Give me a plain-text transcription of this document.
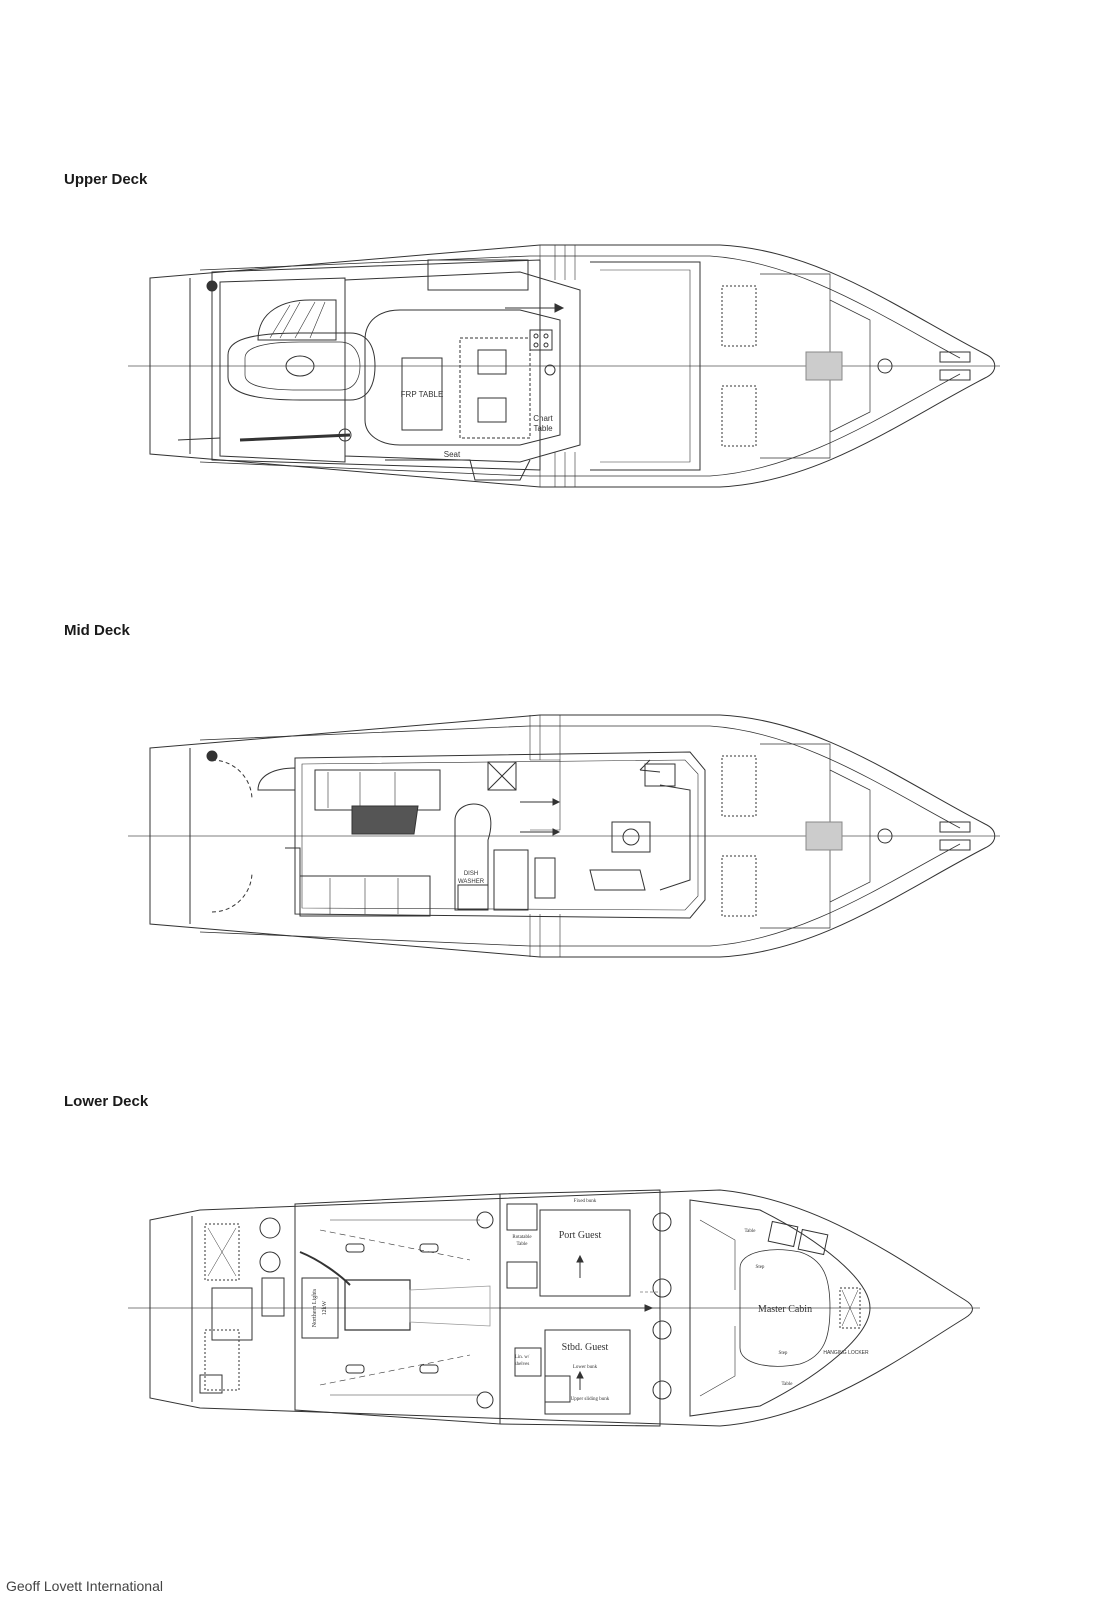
Upper Deck
FRP TABLE
Chart
Table
Seat
Mid Deck
DISH
WASHER
Lower Deck
Port Guest
Stbd. Guest
Master Cabin
HANGING LOCKER
Rotatable
Table
Fixed bunk
Lower bunk
Upper sliding bunk
Step
Step
Table
Table
Northern Lights 12kW
Lin. w/
shelves
Geoff Lovett International
